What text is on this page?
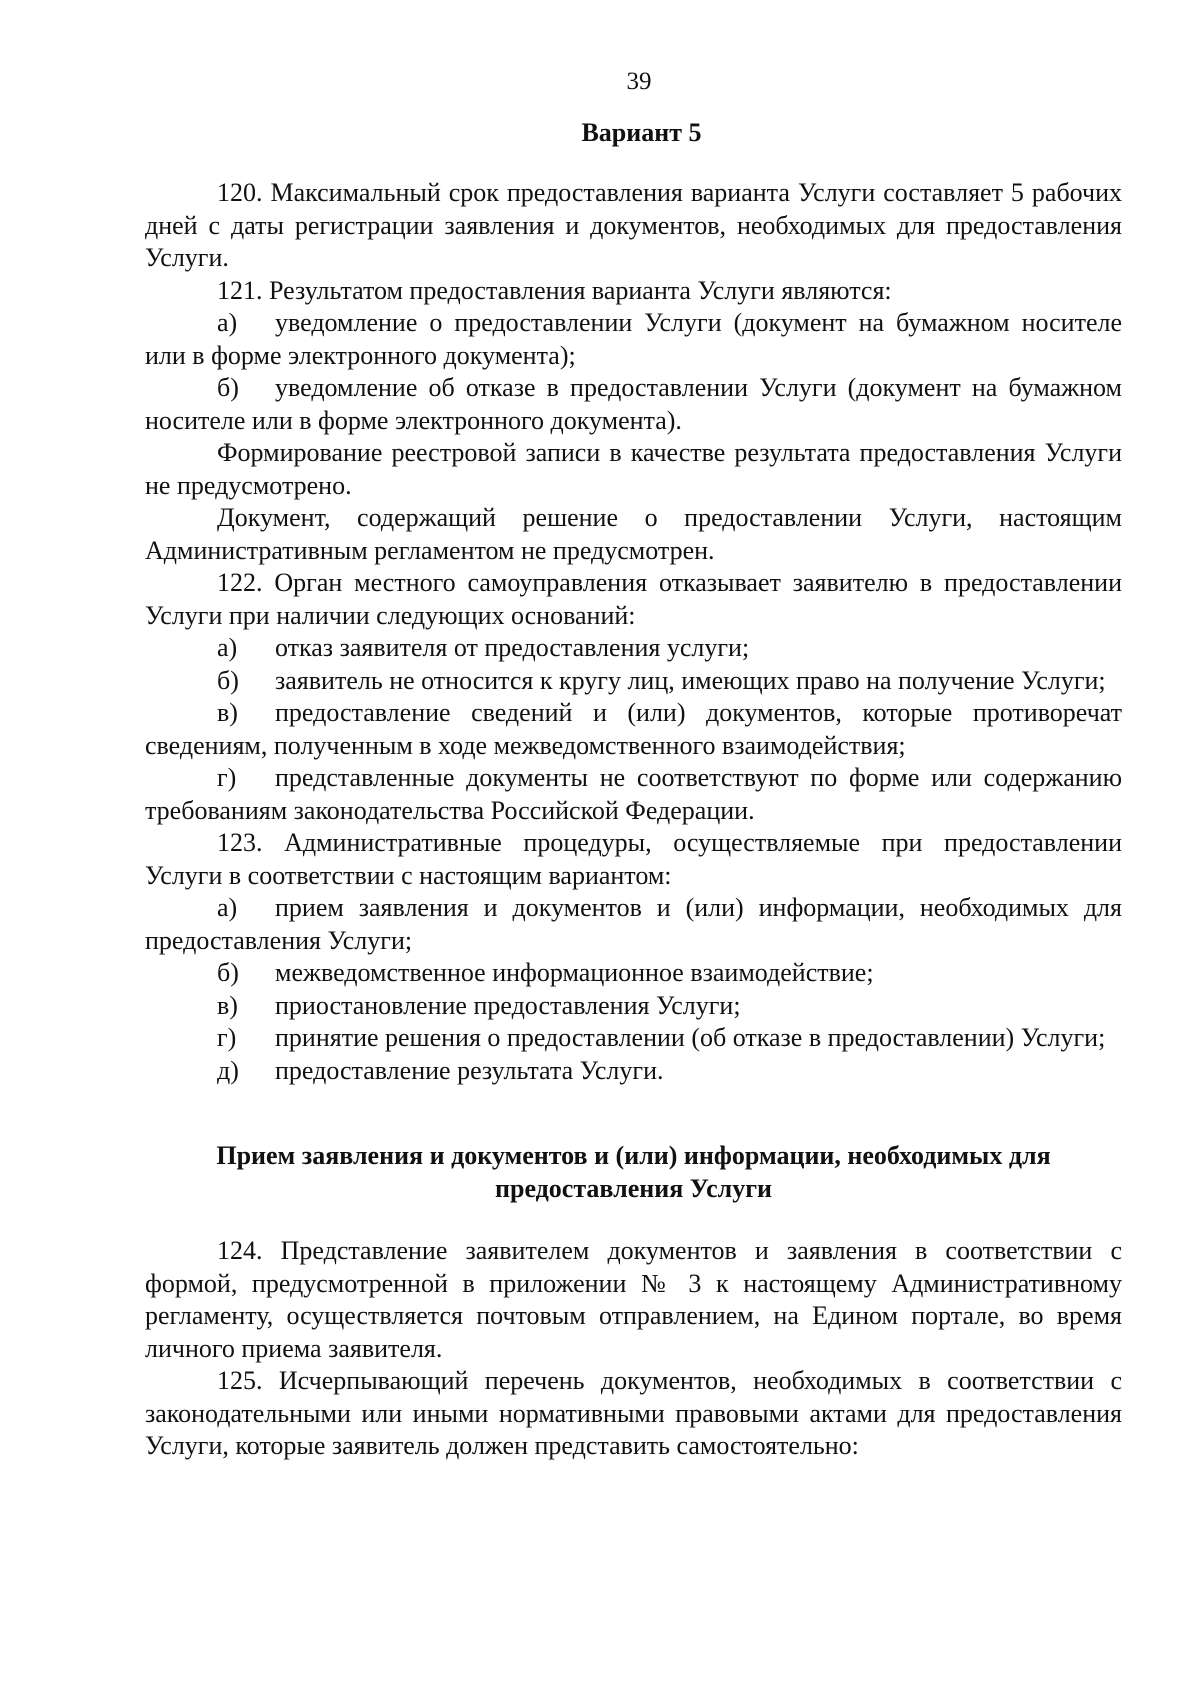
39
Вариант 5

120. Максимальный срок предоставления варианта Услуги составляет 5 рабочих дней с даты регистрации заявления и документов, необходимых для предоставления Услуги.

121. Результатом предоставления варианта Услуги являются:

а) уведомление о предоставлении Услуги (документ на бумажном носителе или в форме электронного документа);

б) уведомление об отказе в предоставлении Услуги (документ на бумажном носителе или в форме электронного документа).

Формирование реестровой записи в качестве результата предоставления Услуги не предусмотрено.

Документ, содержащий решение о предоставлении Услуги, настоящим Административным регламентом не предусмотрен.

122. Орган местного самоуправления отказывает заявителю в предоставлении Услуги при наличии следующих оснований:

а) отказ заявителя от предоставления услуги;

б) заявитель не относится к кругу лиц, имеющих право на получение Услуги;

в) предоставление сведений и (или) документов, которые противоречат сведениям, полученным в ходе межведомственного взаимодействия;

г) представленные документы не соответствуют по форме или содержанию требованиям законодательства Российской Федерации.

123. Административные процедуры, осуществляемые при предоставлении Услуги в соответствии с настоящим вариантом:

а) прием заявления и документов и (или) информации, необходимых для предоставления Услуги;

б) межведомственное информационное взаимодействие;

в) приостановление предоставления Услуги;

г) принятие решения о предоставлении (об отказе в предоставлении) Услуги;

д) предоставление результата Услуги.

Прием заявления и документов и (или) информации, необходимых для
предоставления Услуги

124. Представление заявителем документов и заявления в соответствии с формой, предусмотренной в приложении № 3 к настоящему Административному регламенту, осуществляется почтовым отправлением, на Едином портале, во время личного приема заявителя.

125. Исчерпывающий перечень документов, необходимых в соответствии с законодательными или иными нормативными правовыми актами для предоставления Услуги, которые заявитель должен представить самостоятельно:
